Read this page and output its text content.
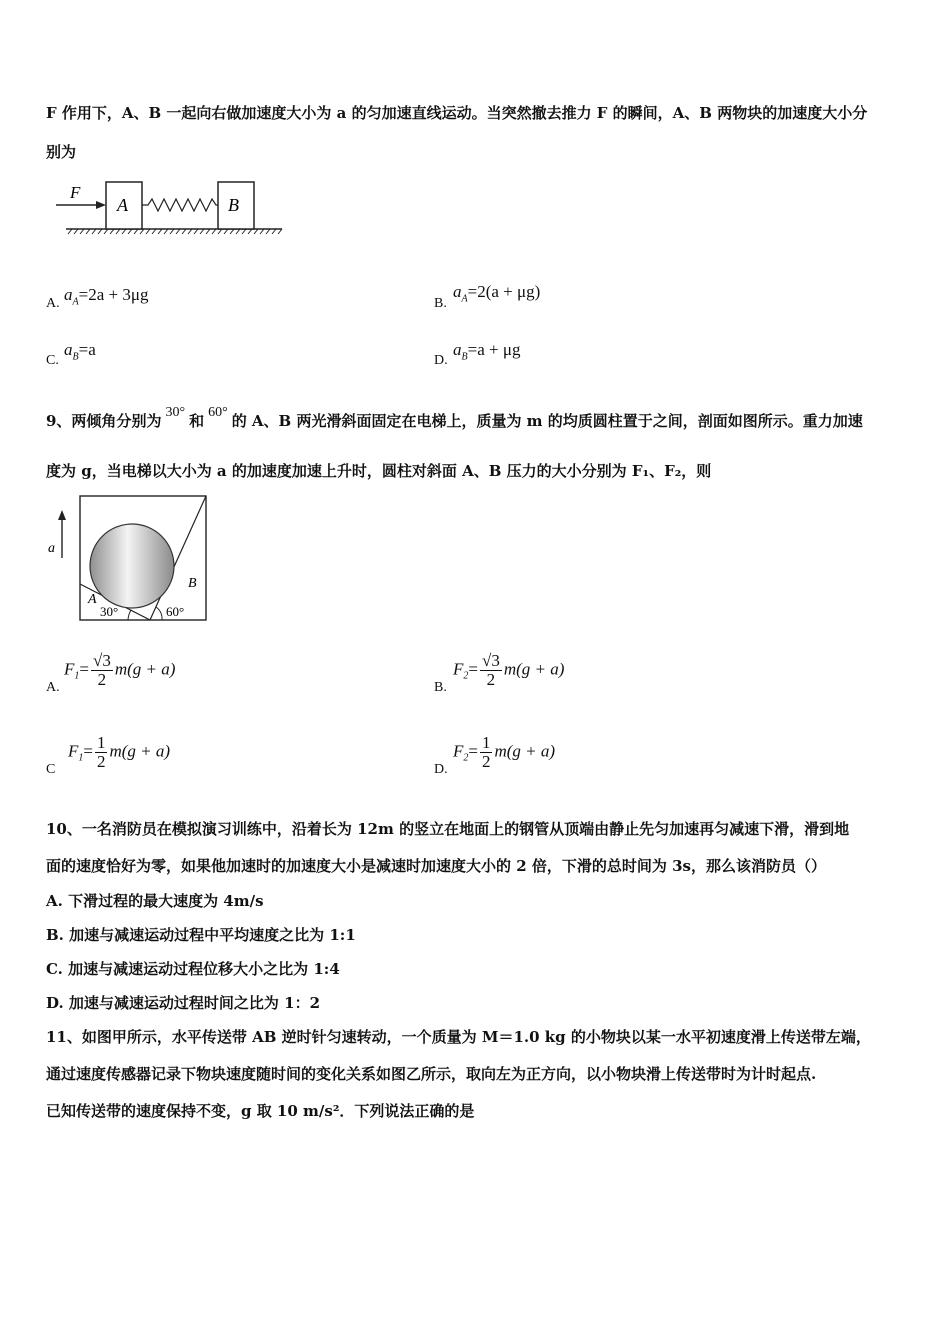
F 作用下，A、B 一起向右做加速度大小为 a 的匀加速直线运动。当突然撤去推力 F 的瞬间，A、B 两物块的加速度大小分
别为
F
A	B
A. $a_A=2a + 3\mu g$	B.
$a_A=2(a + \mu g)$
C.
$a_B=a$
D.
$a_B=a + \mu g$
9、两倾角分别为 30° 和 60° 的 A、B 两光滑斜面固定在电梯上，质量为 m 的均质圆柱置于之间，剖面如图所示。重力加速
度为 g，当电梯以大小为 a 的加速度加速上升时，圆柱对斜面 A、B 压力的大小分别为 F₁、F₂，则
a
A
B
30°	60°
A.
$F_1= \frac{√3}{2} m(g + a)$
B.
$F_2= \frac{√3}{2} m(g + a)$
C
$F_1= \frac{1}{2} m(g + a)$
D.
$F_2= \frac{1}{2} m(g + a)$
10、一名消防员在模拟演习训练中，沿着长为 12m 的竖立在地面上的钢管从顶端由静止先匀加速再匀减速下滑，滑到地
面的速度恰好为零，如果他加速时的加速度大小是减速时加速度大小的 2 倍，下滑的总时间为 3s，那么该消防员（）
A. 下滑过程的最大速度为 4m/s
B. 加速与减速运动过程中平均速度之比为 1:1
C. 加速与减速运动过程位移大小之比为 1:4
D. 加速与减速运动过程时间之比为 1：2
11、如图甲所示，水平传送带 AB 逆时针匀速转动，一个质量为 M＝1.0 kg 的小物块以某一水平初速度滑上传送带左端，
通过速度传感器记录下物块速度随时间的变化关系如图乙所示，取向左为正方向，以小物块滑上传送带时为计时起点.
已知传送带的速度保持不变，g 取 10 m/s²．下列说法正确的是
